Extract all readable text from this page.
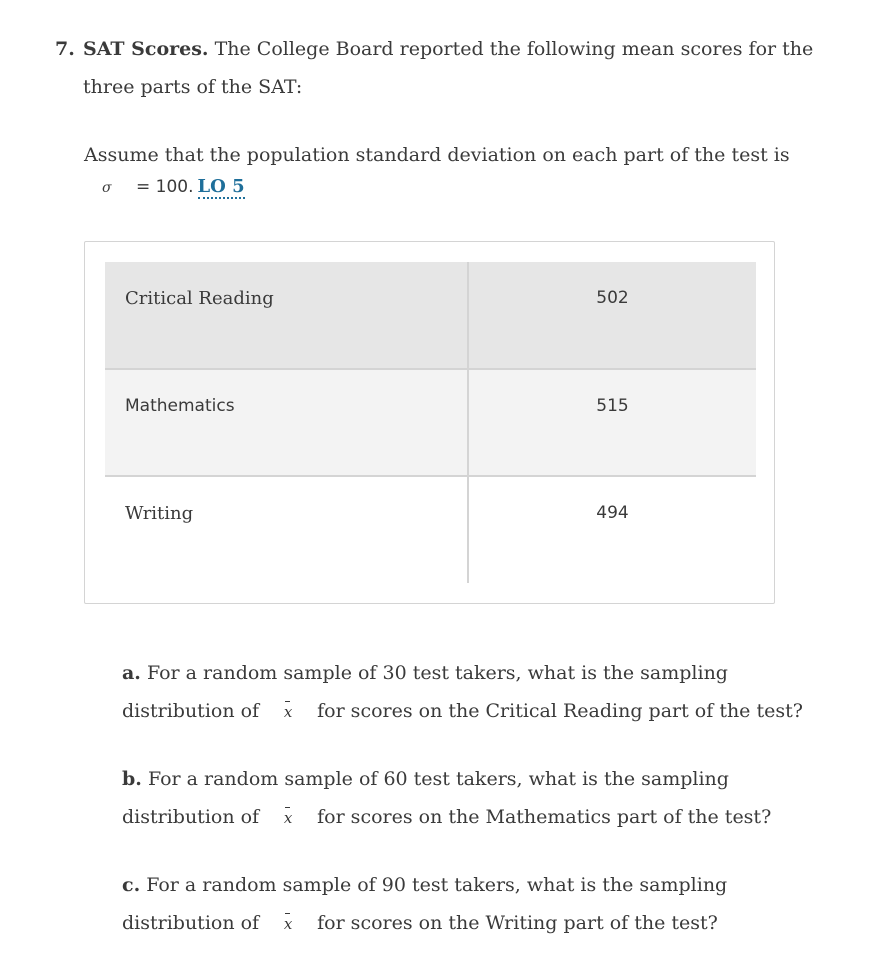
7. SAT Scores. The College Board reported the following mean scores for the
three parts of the SAT:
Assume that the population standard deviation on each part of the test is
σ = 100. LO 5
Critical Reading	502
Mathematics	515
Writing	494
a. For a random sample of 30 test takers, what is the sampling
distribution of x for scores on the Critical Reading part of the test?
b. For a random sample of 60 test takers, what is the sampling
distribution of x for scores on the Mathematics part of the test?
c. For a random sample of 90 test takers, what is the sampling
distribution of x for scores on the Writing part of the test?
